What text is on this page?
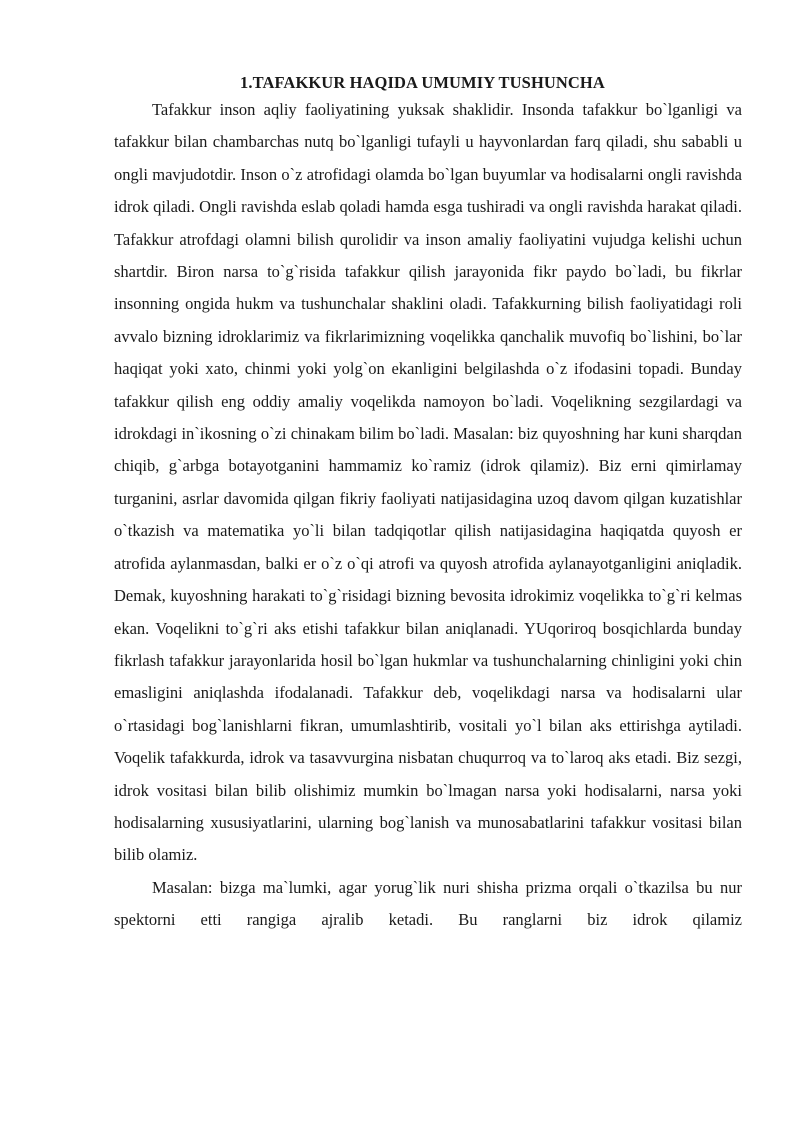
1.TAFAKKUR HAQIDA UMUMIY TUSHUNCHA

Tafakkur inson aqliy faoliyatining yuksak shaklidir. Insonda tafakkur bo`lganligi va tafakkur bilan chambarchas nutq bo`lganligi tufayli u hayvonlardan farq qiladi, shu sababli u ongli mavjudotdir. Inson o`z atrofidagi olamda bo`lgan buyumlar va hodisalarni ongli ravishda idrok qiladi. Ongli ravishda eslab qoladi hamda esga tushiradi va ongli ravishda harakat qiladi. Tafakkur atrofdagi olamni bilish qurolidir va inson amaliy faoliyatini vujudga kelishi uchun shartdir. Biron narsa to`g`risida tafakkur qilish jarayonida fikr paydo bo`ladi, bu fikrlar insonning ongida hukm va tushunchalar shaklini oladi. Tafakkurning bilish faoliyatidagi roli avvalo bizning idroklarimiz va fikrlarimizning voqelikka qanchalik muvofiq bo`lishini, bo`lar haqiqat yoki xato, chinmi yoki yolg`on ekanligini belgilashda o`z ifodasini topadi. Bunday tafakkur qilish eng oddiy amaliy voqelikda namoyon bo`ladi. Voqelikning sezgilardagi va idrokdagi in`ikosning o`zi chinakam bilim bo`ladi. Masalan: biz quyoshning har kuni sharqdan chiqib, g`arbga botayotganini hammamiz ko`ramiz (idrok qilamiz). Biz erni qimirlamay turganini, asrlar davomida qilgan fikriy faoliyati natijasidagina uzoq davom qilgan kuzatishlar o`tkazish va matematika yo`li bilan tadqiqotlar qilish natijasidagina haqiqatda quyosh er atrofida aylanmasdan, balki er o`z o`qi atrofi va quyosh atrofida aylanayotganligini aniqladik. Demak, kuyoshning harakati to`g`risidagi bizning bevosita idrokimiz voqelikka to`g`ri kelmas ekan. Voqelikni to`g`ri aks etishi tafakkur bilan aniqlanadi. YUqoriroq bosqichlarda bunday fikrlash tafakkur jarayonlarida hosil bo`lgan hukmlar va tushunchalarning chinligini yoki chin emasligini aniqlashda ifodalanadi. Tafakkur deb, voqelikdagi narsa va hodisalarni ular o`rtasidagi bog`lanishlarni fikran, umumlashtirib, vositali yo`l bilan aks ettirishga aytiladi. Voqelik tafakkurda, idrok va tasavvurgina nisbatan chuqurroq va to`laroq aks etadi. Biz sezgi, idrok vositasi bilan bilib olishimiz mumkin bo`lmagan narsa yoki hodisalarni, narsa yoki hodisalarning xususiyatlarini, ularning bog`lanish va munosabatlarini tafakkur vositasi bilan bilib olamiz.

Masalan: bizga ma`lumki, agar yorug`lik nuri shisha prizma orqali o`tkazilsa bu nur spektorni etti rangiga ajralib ketadi. Bu ranglarni biz idrok qilamiz
